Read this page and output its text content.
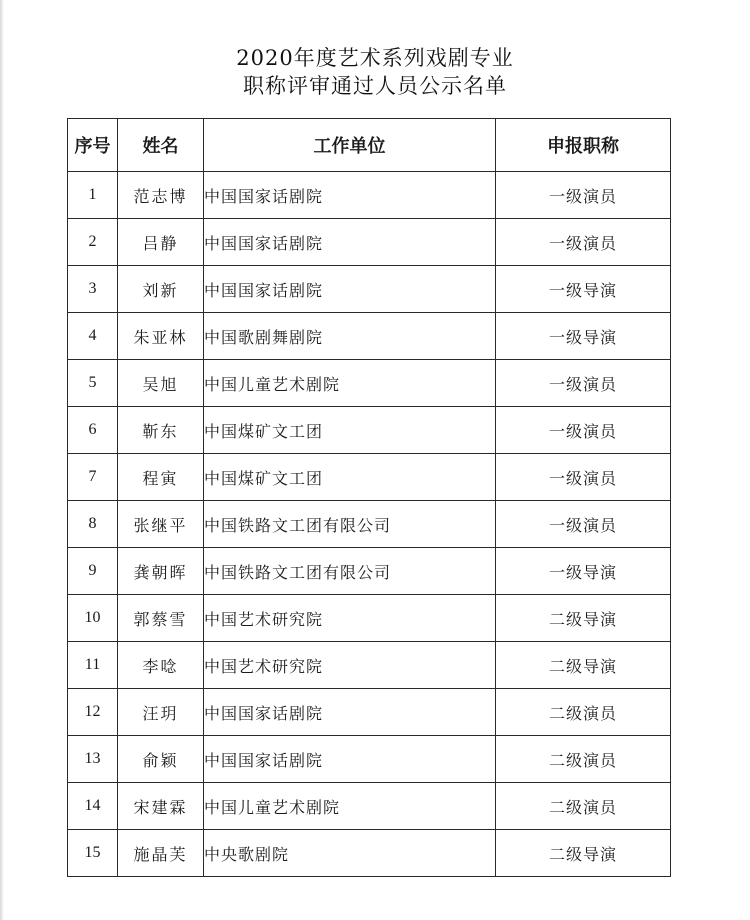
2020年度艺术系列戏剧专业
职称评审通过人员公示名单
序号	姓名	工作单位	申报职称
1	范志博	中国国家话剧院	一级演员
2	吕静	中国国家话剧院	一级演员
3	刘新	中国国家话剧院	一级导演
4	朱亚林	中国歌剧舞剧院	一级导演
5	吴旭	中国儿童艺术剧院	一级演员
6	靳东	中国煤矿文工团	一级演员
7	程寅	中国煤矿文工团	一级演员
8	张继平	中国铁路文工团有限公司	一级演员
9	龚朝晖	中国铁路文工团有限公司	一级导演
10	郭蔡雪	中国艺术研究院	二级导演
11	李唸	中国艺术研究院	二级导演
12	汪玥	中国国家话剧院	二级演员
13	俞颖	中国国家话剧院	二级演员
14	宋建霖	中国儿童艺术剧院	二级演员
15	施晶芙	中央歌剧院	二级导演
